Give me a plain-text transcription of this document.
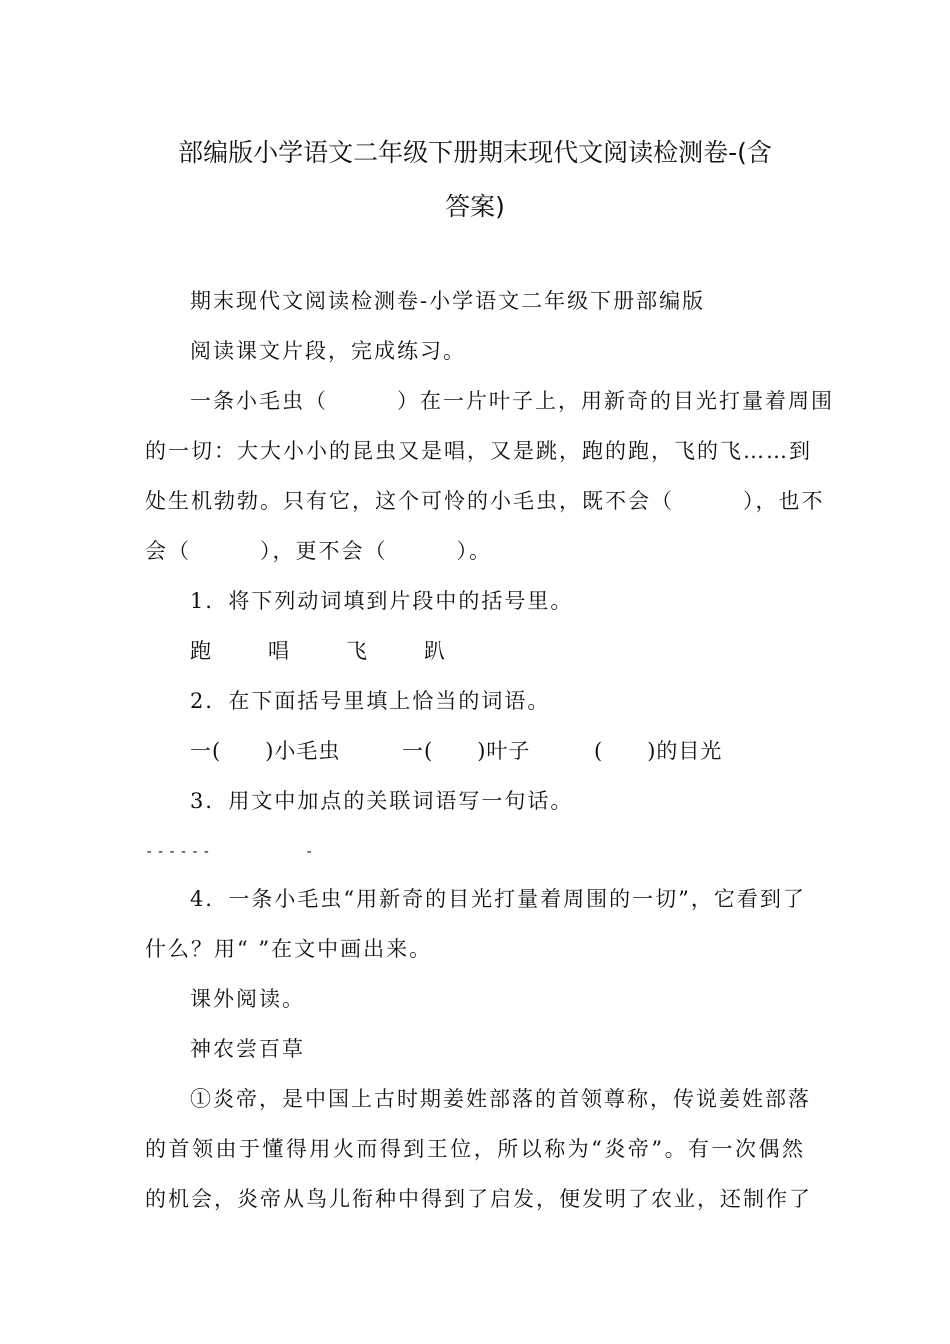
部编版小学语文二年级下册期末现代文阅读检测卷-(含
答案)
期末现代文阅读检测卷-小学语文二年级下册部编版
阅读课文片段，完成练习。
一条小毛虫（　　　）在一片叶子上，用新奇的目光打量着周围
的一切：大大小小的昆虫又是唱，又是跳，跑的跑，飞的飞……到
处生机勃勃。只有它，这个可怜的小毛虫，既不会（　　　），也不
会（　　　），更不会（　　　）。
1．将下列动词填到片段中的括号里。
跑	唱	飞	趴
2．在下面括号里填上恰当的词语。
一(　　)小毛虫	一(　　)叶子	(　　)的目光
3．用文中加点的关联词语写一句话。
------        -
4．一条小毛虫“用新奇的目光打量着周围的一切”，它看到了
什么？用“ ”在文中画出来。
课外阅读。
神农尝百草
①炎帝，是中国上古时期姜姓部落的首领尊称，传说姜姓部落
的首领由于懂得用火而得到王位，所以称为“炎帝”。有一次偶然
的机会，炎帝从鸟儿衔种中得到了启发，便发明了农业，还制作了
